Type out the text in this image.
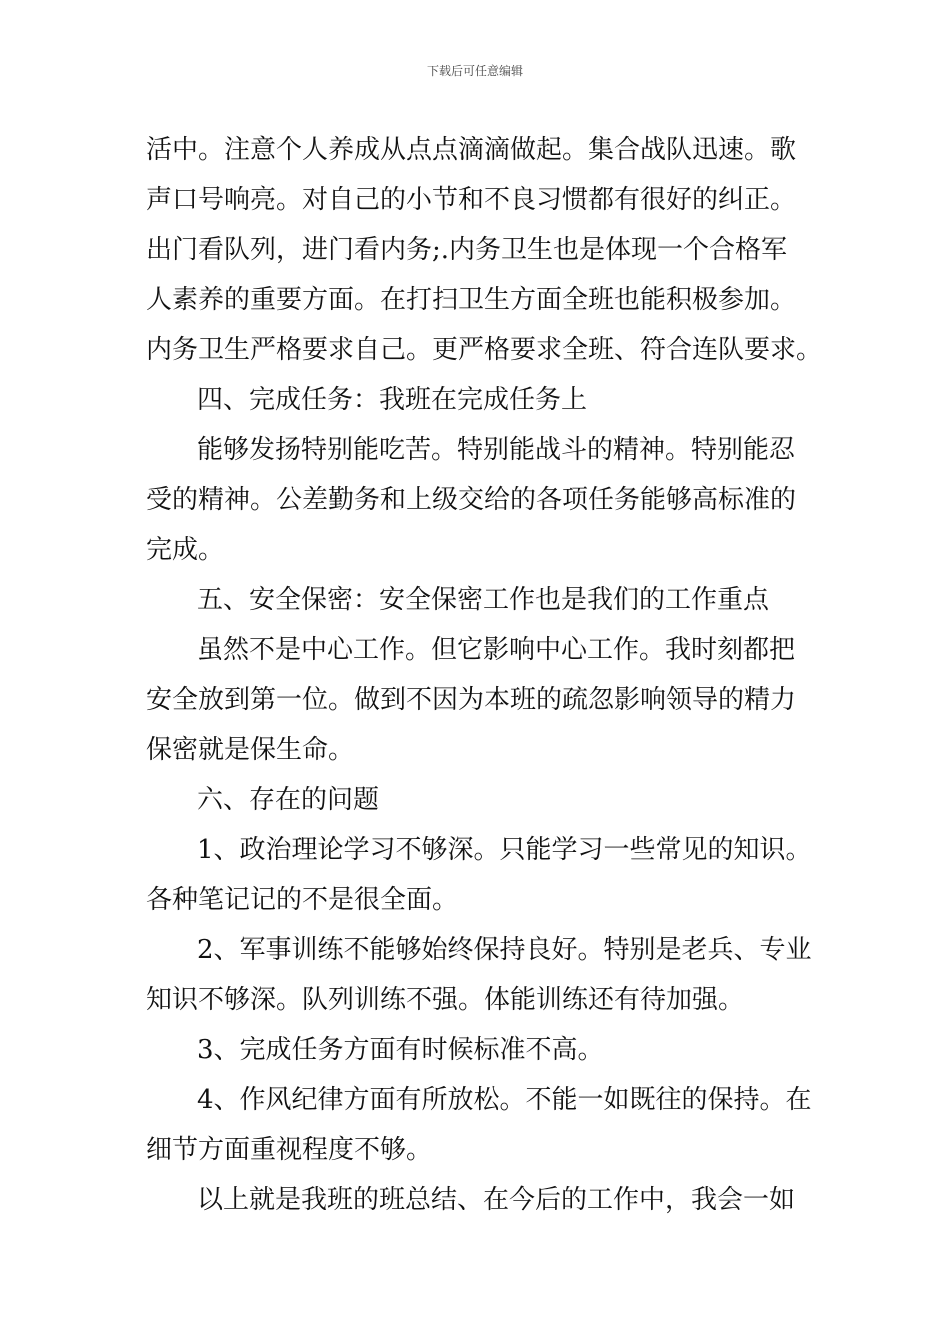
下载后可任意编辑
活中。注意个人养成从点点滴滴做起。集合战队迅速。歌
声口号响亮。对自己的小节和不良习惯都有很好的纠正。
出门看队列，进门看内务;.内务卫生也是体现一个合格军
人素养的重要方面。在打扫卫生方面全班也能积极参加。
内务卫生严格要求自己。更严格要求全班、符合连队要求。
四、完成任务：我班在完成任务上
能够发扬特别能吃苦。特别能战斗的精神。特别能忍
受的精神。公差勤务和上级交给的各项任务能够高标准的
完成。
五、安全保密：安全保密工作也是我们的工作重点
虽然不是中心工作。但它影响中心工作。我时刻都把
安全放到第一位。做到不因为本班的疏忽影响领导的精力
保密就是保生命。
六、存在的问题
1、政治理论学习不够深。只能学习一些常见的知识。
各种笔记记的不是很全面。
2、军事训练不能够始终保持良好。特别是老兵、专业
知识不够深。队列训练不强。体能训练还有待加强。
3、完成任务方面有时候标准不高。
4、作风纪律方面有所放松。不能一如既往的保持。在
细节方面重视程度不够。
以上就是我班的班总结、在今后的工作中，我会一如
